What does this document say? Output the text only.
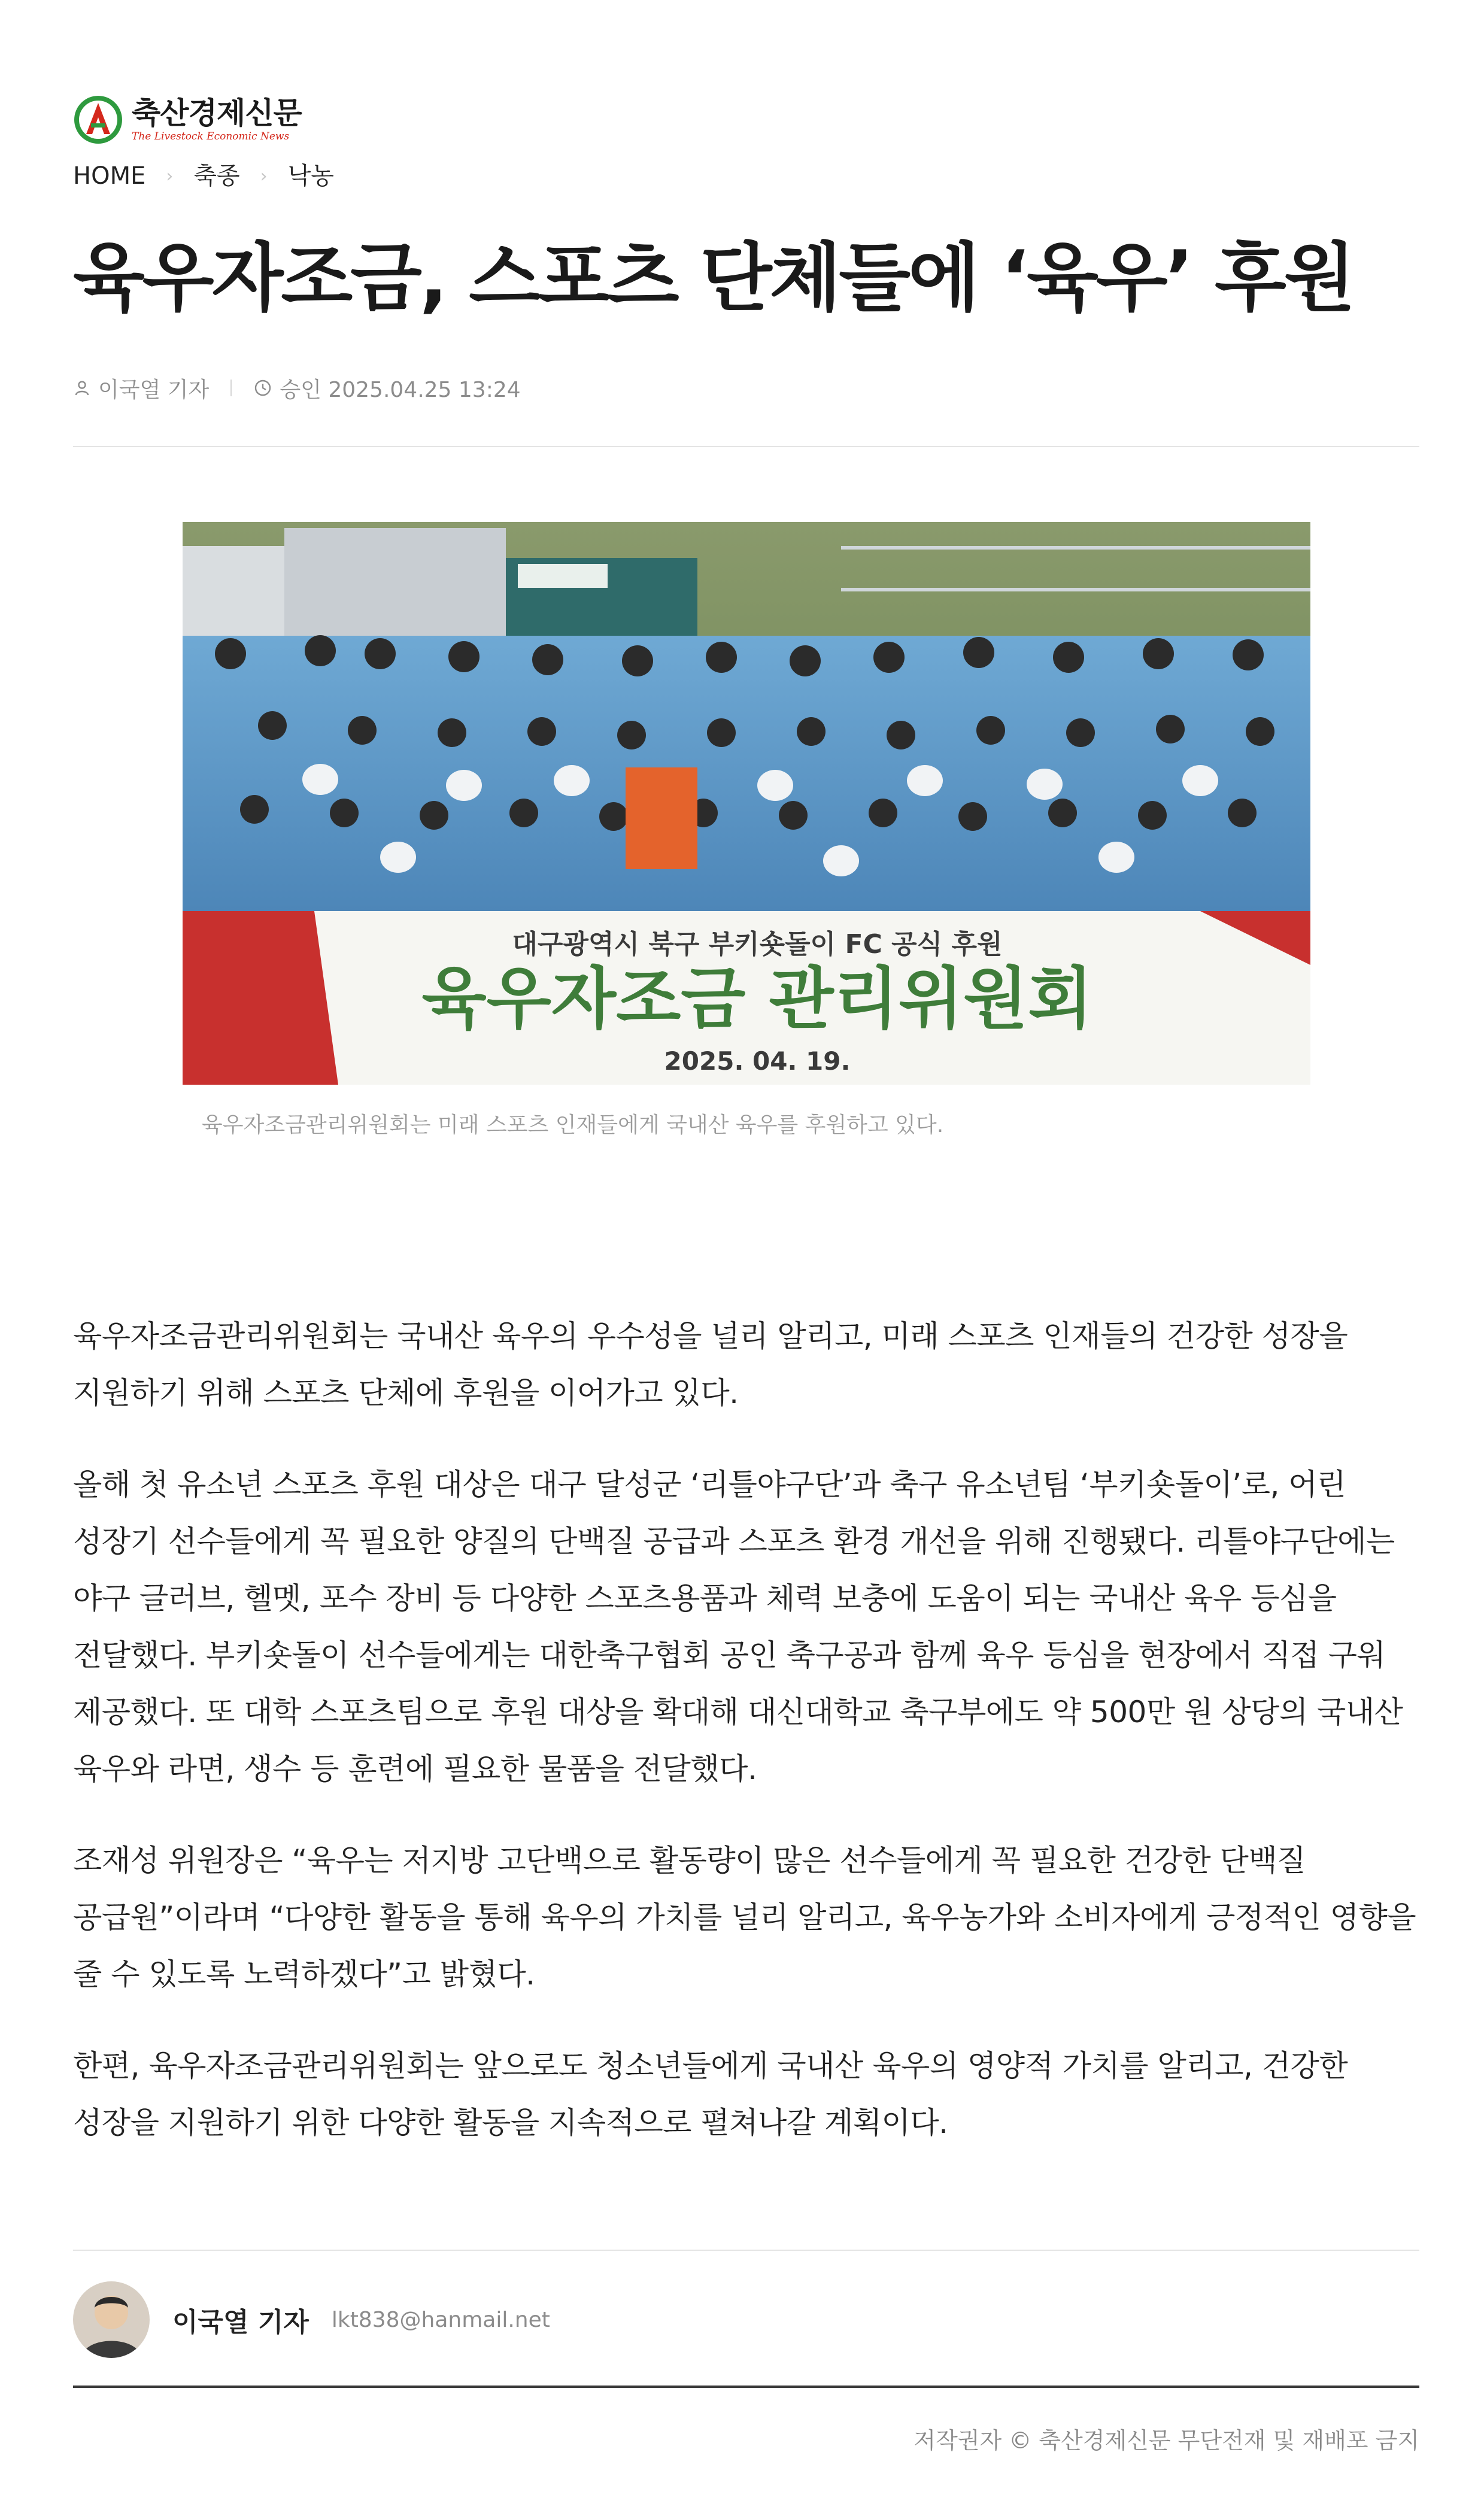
축산경제신문
The Livestock Economic News
HOME	› 축종	› 낙농
육우자조금, 스포츠 단체들에 ‘육우’ 후원
이국열 기자	승인 2025.04.25 13:24
대구광역시 북구 부키숏돌이 FC 공식 후원
육우자조금 관리위원회
2025. 04. 19.
육우자조금관리위원회는 미래 스포츠 인재들에게 국내산 육우를 후원하고 있다.

육우자조금관리위원회는 국내산 육우의 우수성을 널리 알리고, 미래 스포츠 인재들의 건강한 성장을 지원하기 위해 스포츠 단체에 후원을 이어가고 있다.

올해 첫 유소년 스포츠 후원 대상은 대구 달성군 ‘리틀야구단’과 축구 유소년팀 ‘부키숏돌이’로, 어린 성장기 선수들에게 꼭 필요한 양질의 단백질 공급과 스포츠 환경 개선을 위해 진행됐다. 리틀야구단에는 야구 글러브, 헬멧, 포수 장비 등 다양한 스포츠용품과 체력 보충에 도움이 되는 국내산 육우 등심을 전달했다. 부키숏돌이 선수들에게는 대한축구협회 공인 축구공과 함께 육우 등심을 현장에서 직접 구워 제공했다. 또 대학 스포츠팀으로 후원 대상을 확대해 대신대학교 축구부에도 약 500만 원 상당의 국내산 육우와 라면, 생수 등 훈련에 필요한 물품을 전달했다.

조재성 위원장은 “육우는 저지방 고단백으로 활동량이 많은 선수들에게 꼭 필요한 건강한 단백질 공급원”이라며 “다양한 활동을 통해 육우의 가치를 널리 알리고, 육우농가와 소비자에게 긍정적인 영향을 줄 수 있도록 노력하겠다”고 밝혔다.

한편, 육우자조금관리위원회는 앞으로도 청소년들에게 국내산 육우의 영양적 가치를 알리고, 건강한 성장을 지원하기 위한 다양한 활동을 지속적으로 펼쳐나갈 계획이다.

이국열 기자 lkt838@hanmail.net
저작권자 © 축산경제신문 무단전재 및 재배포 금지
